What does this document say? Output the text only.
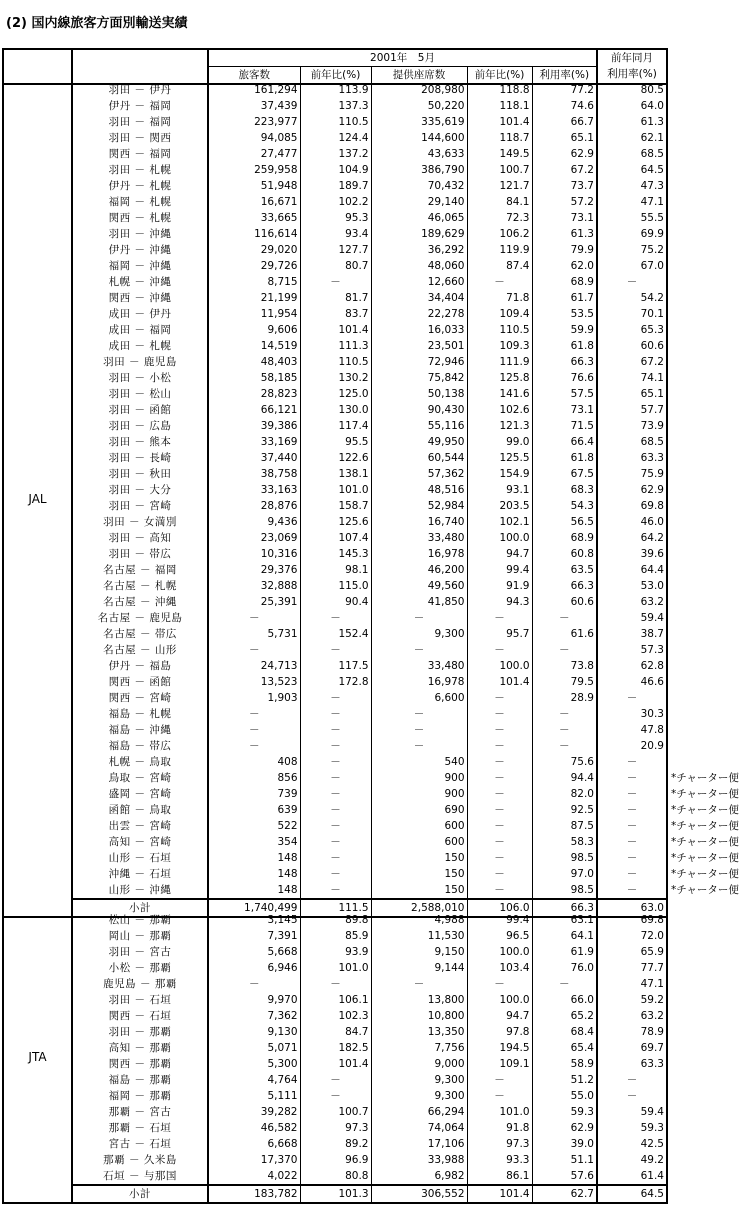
(2) 国内線旅客方面別輸送実績
		2001年　5月					前年同月
		旅客数	前年比(%)	提供座席数	前年比(%)	利用率(%)	利用率(%)
JAL	羽田 － 伊丹	161,294	113.9	208,980	118.8	77.2	80.5	
	伊丹 － 福岡	37,439	137.3	50,220	118.1	74.6	64.0	
	羽田 － 福岡	223,977	110.5	335,619	101.4	66.7	61.3	
	羽田 － 関西	94,085	124.4	144,600	118.7	65.1	62.1	
	関西 － 福岡	27,477	137.2	43,633	149.5	62.9	68.5	
	羽田 － 札幌	259,958	104.9	386,790	100.7	67.2	64.5	
	伊丹 － 札幌	51,948	189.7	70,432	121.7	73.7	47.3	
	福岡 － 札幌	16,671	102.2	29,140	84.1	57.2	47.1	
	関西 － 札幌	33,665	95.3	46,065	72.3	73.1	55.5	
	羽田 － 沖縄	116,614	93.4	189,629	106.2	61.3	69.9	
	伊丹 － 沖縄	29,020	127.7	36,292	119.9	79.9	75.2	
	福岡 － 沖縄	29,726	80.7	48,060	87.4	62.0	67.0	
	札幌 － 沖縄	8,715	－	12,660	－	68.9	－	
	関西 － 沖縄	21,199	81.7	34,404	71.8	61.7	54.2	
	成田 － 伊丹	11,954	83.7	22,278	109.4	53.5	70.1	
	成田 － 福岡	9,606	101.4	16,033	110.5	59.9	65.3	
	成田 － 札幌	14,519	111.3	23,501	109.3	61.8	60.6	
	羽田 － 鹿児島	48,403	110.5	72,946	111.9	66.3	67.2	
	羽田 － 小松	58,185	130.2	75,842	125.8	76.6	74.1	
	羽田 － 松山	28,823	125.0	50,138	141.6	57.5	65.1	
	羽田 － 函館	66,121	130.0	90,430	102.6	73.1	57.7	
	羽田 － 広島	39,386	117.4	55,116	121.3	71.5	73.9	
	羽田 － 熊本	33,169	95.5	49,950	99.0	66.4	68.5	
	羽田 － 長崎	37,440	122.6	60,544	125.5	61.8	63.3	
	羽田 － 秋田	38,758	138.1	57,362	154.9	67.5	75.9	
	羽田 － 大分	33,163	101.0	48,516	93.1	68.3	62.9	
	羽田 － 宮崎	28,876	158.7	52,984	203.5	54.3	69.8	
	羽田 － 女満別	9,436	125.6	16,740	102.1	56.5	46.0	
	羽田 － 高知	23,069	107.4	33,480	100.0	68.9	64.2	
	羽田 － 帯広	10,316	145.3	16,978	94.7	60.8	39.6	
	名古屋 － 福岡	29,376	98.1	46,200	99.4	63.5	64.4	
	名古屋 － 札幌	32,888	115.0	49,560	91.9	66.3	53.0	
	名古屋 － 沖縄	25,391	90.4	41,850	94.3	60.6	63.2	
	名古屋 － 鹿児島	－	－	－	－	－	59.4	
	名古屋 － 帯広	5,731	152.4	9,300	95.7	61.6	38.7	
	名古屋 － 山形	－	－	－	－	－	57.3	
	伊丹 － 福島	24,713	117.5	33,480	100.0	73.8	62.8	
	関西 － 函館	13,523	172.8	16,978	101.4	79.5	46.6	
	関西 － 宮崎	1,903	－	6,600	－	28.9	－	
	福島 － 札幌	－	－	－	－	－	30.3	
	福島 － 沖縄	－	－	－	－	－	47.8	
	福島 － 帯広	－	－	－	－	－	20.9	
	札幌 － 鳥取	408	－	540	－	75.6	－	
	鳥取 － 宮崎	856	－	900	－	94.4	－	*チャーター便
	盛岡 － 宮崎	739	－	900	－	82.0	－	*チャーター便
	函館 － 鳥取	639	－	690	－	92.5	－	*チャーター便
	出雲 － 宮崎	522	－	600	－	87.5	－	*チャーター便
	高知 － 宮崎	354	－	600	－	58.3	－	*チャーター便
	山形 － 石垣	148	－	150	－	98.5	－	*チャーター便
	沖縄 － 石垣	148	－	150	－	97.0	－	*チャーター便
	山形 － 沖縄	148	－	150	－	98.5	－	*チャーター便
	小計	1,740,499	111.5	2,588,010	106.0	66.3	63.0	
JTA	松山 － 那覇	3,145	89.8	4,988	99.4	63.1	69.8	
	岡山 － 那覇	7,391	85.9	11,530	96.5	64.1	72.0	
	羽田 － 宮古	5,668	93.9	9,150	100.0	61.9	65.9	
	小松 － 那覇	6,946	101.0	9,144	103.4	76.0	77.7	
	鹿児島 － 那覇	－	－	－	－	－	47.1	
	羽田 － 石垣	9,970	106.1	13,800	100.0	66.0	59.2	
	関西 － 石垣	7,362	102.3	10,800	94.7	65.2	63.2	
	羽田 － 那覇	9,130	84.7	13,350	97.8	68.4	78.9	
	高知 － 那覇	5,071	182.5	7,756	194.5	65.4	69.7	
	関西 － 那覇	5,300	101.4	9,000	109.1	58.9	63.3	
	福島 － 那覇	4,764	－	9,300	－	51.2	－	
	福岡 － 那覇	5,111	－	9,300	－	55.0	－	
	那覇 － 宮古	39,282	100.7	66,294	101.0	59.3	59.4	
	那覇 － 石垣	46,582	97.3	74,064	91.8	62.9	59.3	
	宮古 － 石垣	6,668	89.2	17,106	97.3	39.0	42.5	
	那覇 － 久米島	17,370	96.9	33,988	93.3	51.1	49.2	
	石垣 － 与那国	4,022	80.8	6,982	86.1	57.6	61.4	
	小計	183,782	101.3	306,552	101.4	62.7	64.5	
